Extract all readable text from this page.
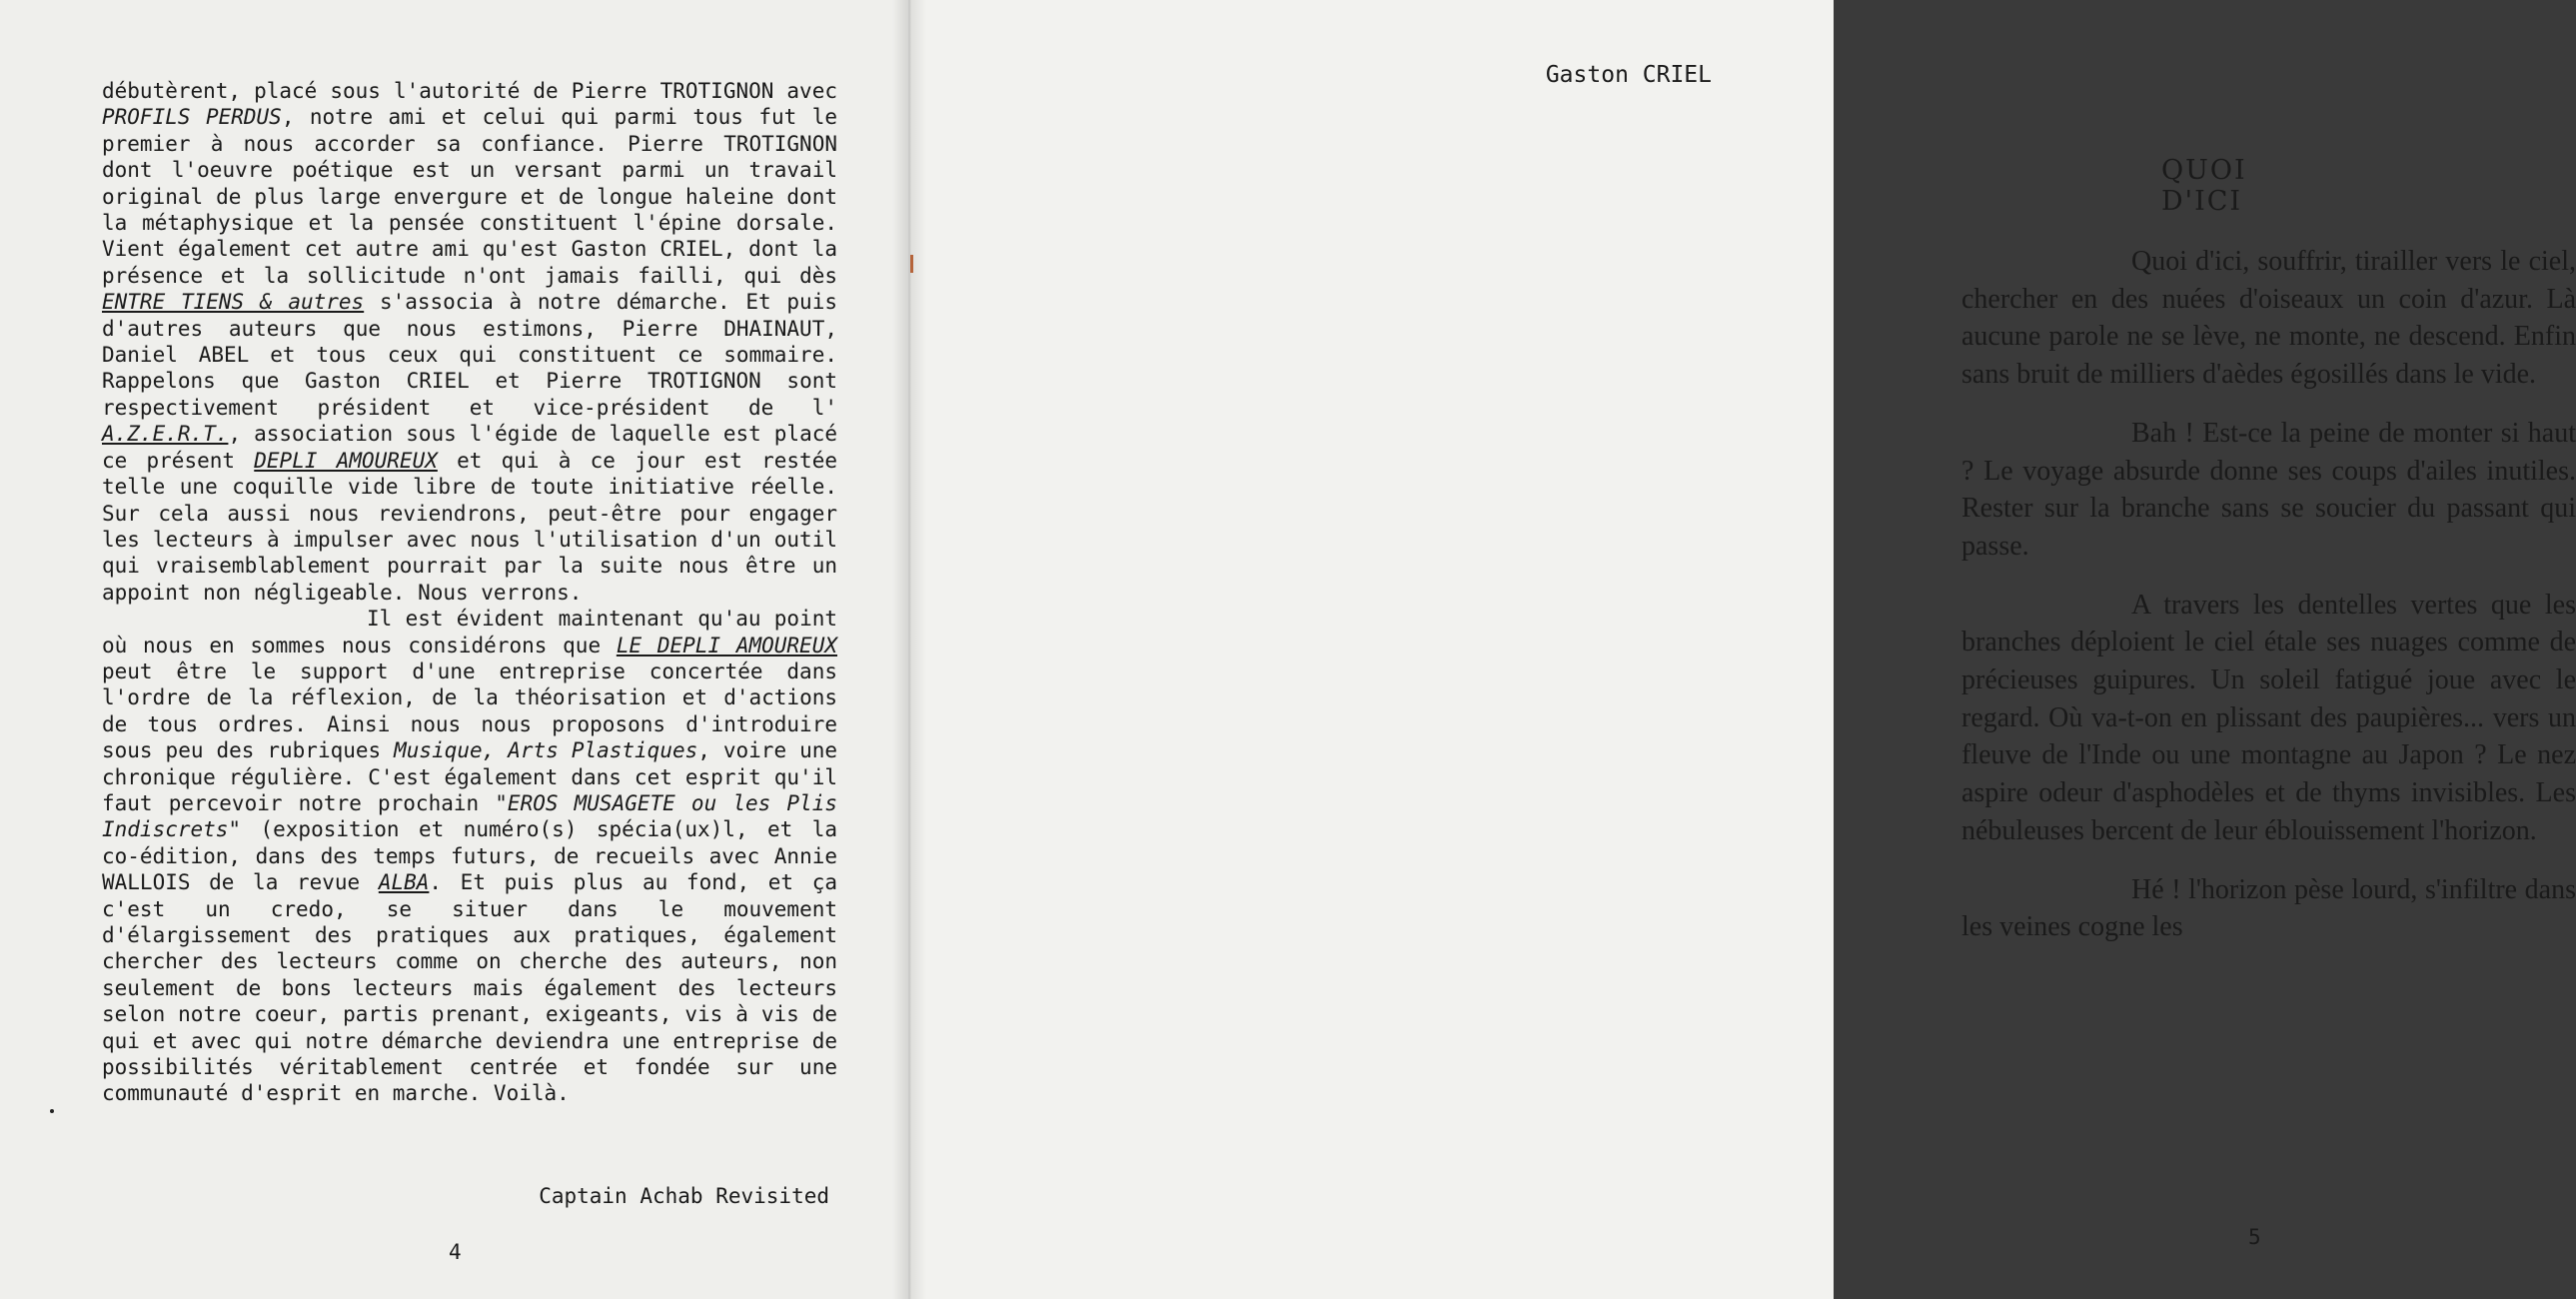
débutèrent, placé sous l'autorité de Pierre TROTIGNON avec PROFILS PERDUS, notre ami et celui qui parmi tous fut le premier à nous accorder sa confiance. Pierre TROTIGNON dont l'oeuvre poétique est un versant parmi un travail original de plus large envergure et de longue haleine dont la métaphysique et la pensée constituent l'épine dorsale. Vient également cet autre ami qu'est Gaston CRIEL, dont la présence et la sollicitude n'ont jamais failli, qui dès ENTRE TIENS & autres s'associa à notre démarche. Et puis d'autres auteurs que nous estimons, Pierre DHAINAUT, Daniel ABEL et tous ceux qui constituent ce sommaire. Rappelons que Gaston CRIEL et Pierre TROTIGNON sont respectivement président et vice-président de l' A.Z.E.R.T., association sous l'égide de laquelle est placé ce présent DEPLI AMOUREUX et qui à ce jour est restée telle une coquille vide libre de toute initiative réelle. Sur cela aussi nous reviendrons, peut-être pour engager les lecteurs à impulser avec nous l'utilisation d'un outil qui vraisemblablement pourrait par la suite nous être un appoint non négligeable. Nous verrons.

Il est évident maintenant qu'au point où nous en sommes nous considérons que LE DEPLI AMOUREUX peut être le support d'une entreprise concertée dans l'ordre de la réflexion, de la théorisation et d'actions de tous ordres. Ainsi nous nous proposons d'introduire sous peu des rubriques Musique, Arts Plastiques, voire une chronique régulière. C'est également dans cet esprit qu'il faut percevoir notre prochain "EROS MUSAGETE ou les Plis Indiscrets" (exposition et numéro(s) spécia(ux)l, et la co-édition, dans des temps futurs, de recueils avec Annie WALLOIS de la revue ALBA. Et puis plus au fond, et ça c'est un credo, se situer dans le mouvement d'élargissement des pratiques aux pratiques, également chercher des lecteurs comme on cherche des auteurs, non seulement de bons lecteurs mais également des lecteurs selon notre coeur, partis prenant, exigeants, vis à vis de qui et avec qui notre démarche deviendra une entreprise de possibilités véritablement centrée et fondée sur une communauté d'esprit en marche. Voilà.

Captain Achab Revisited
4
Gaston CRIEL
QUOI D'ICI

Quoi d'ici, souffrir, tirailler vers le ciel, chercher en des nuées d'oiseaux un coin d'azur. Là aucune parole ne se lève, ne monte, ne descend. Enfin sans bruit de milliers d'aèdes égosillés dans le vide.

Bah ! Est-ce la peine de monter si haut ? Le voyage absurde donne ses coups d'ailes inutiles. Rester sur la branche sans se soucier du passant qui passe.

A travers les dentelles vertes que les branches déploient le ciel étale ses nuages comme de précieuses guipures. Un soleil fatigué joue avec le regard. Où va-t-on en plissant des paupières... vers un fleuve de l'Inde ou une montagne au Japon ? Le nez aspire odeur d'asphodèles et de thyms invisibles. Les nébuleuses bercent de leur éblouissement l'horizon.

Hé ! l'horizon pèse lourd, s'infiltre dans les veines cogne les

5
